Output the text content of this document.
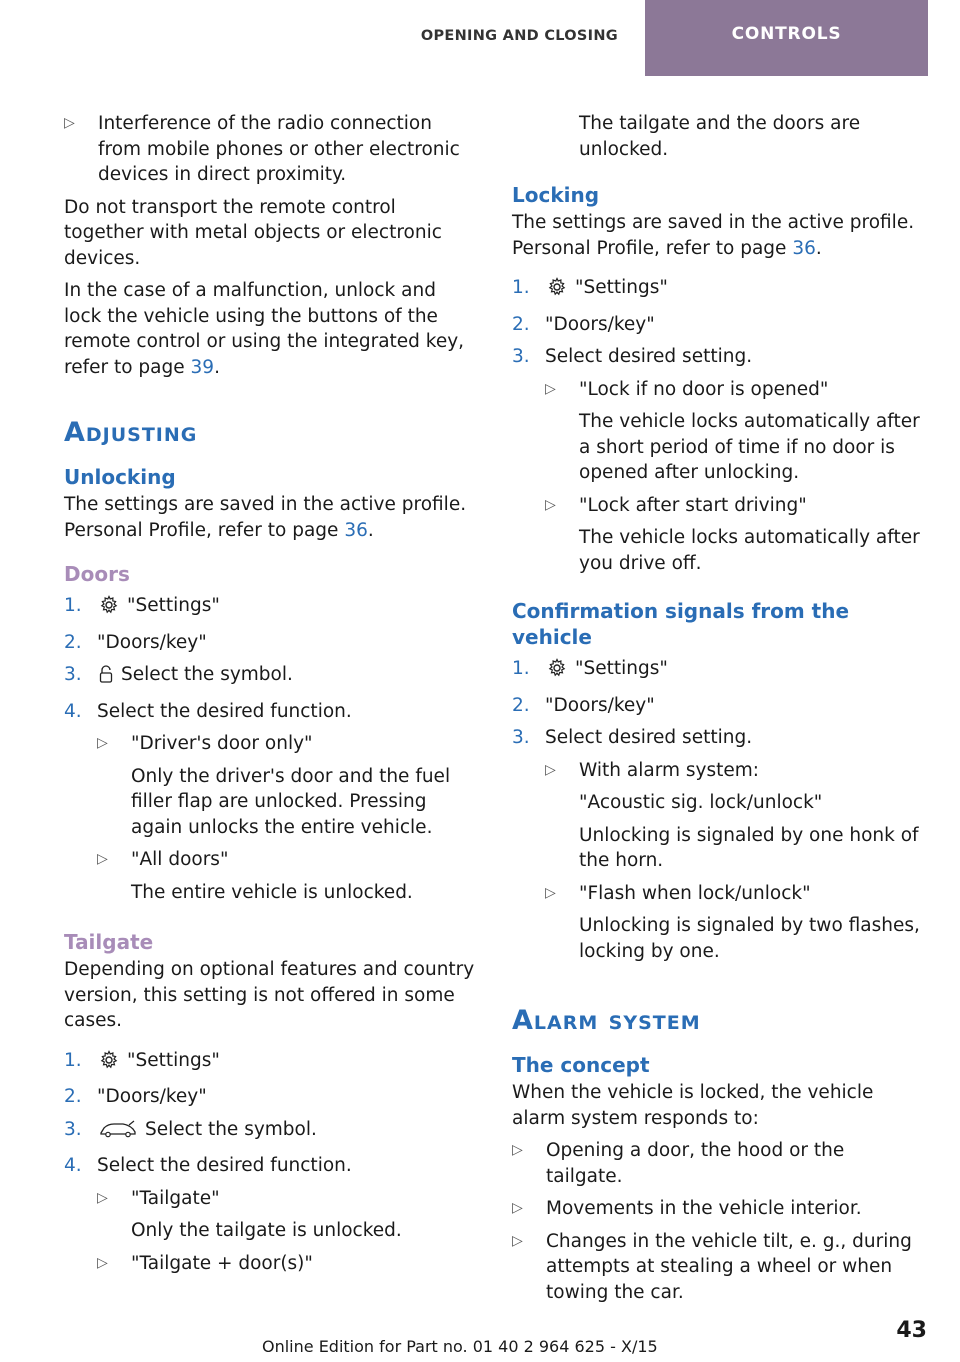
OPENING AND CLOSING	CONTROLS
▷	Interference of the radio connection from mobile phones or other electronic devices in direct proximity.

Do not transport the remote control together with metal objects or electronic devices.

In the case of a malfunction, unlock and lock the vehicle using the buttons of the remote control or using the integrated key, refer to page 39.

Adjusting
Unlocking

The settings are saved in the active profile. Personal Profile, refer to page 36.

Doors
1.	"Settings"
2. "Doors/key"
3.	Select the symbol.
4. Select the desired function.
▷	"Driver's door only"
Only the driver's door and the fuel filler flap are unlocked. Pressing again unlocks the entire vehicle.
▷	"All doors"
The entire vehicle is unlocked.
Tailgate

Depending on optional features and country version, this setting is not offered in some cases.

1.	"Settings"
2. "Doors/key"
3.	Select the symbol.
4. Select the desired function.
▷	"Tailgate"
Only the tailgate is unlocked.
▷	"Tailgate + door(s)"
The tailgate and the doors are unlocked.
Locking

The settings are saved in the active profile. Personal Profile, refer to page 36.

1.	"Settings"
2. "Doors/key"
3. Select desired setting.
▷	"Lock if no door is opened"
The vehicle locks automatically after a short period of time if no door is opened after unlocking.
▷	"Lock after start driving"
The vehicle locks automatically after you drive off.
Confirmation signals from the vehicle
1.	"Settings"
2. "Doors/key"
3. Select desired setting.
▷	With alarm system:
"Acoustic sig. lock/unlock"
Unlocking is signaled by one honk of the horn.
▷	"Flash when lock/unlock"
Unlocking is signaled by two flashes, locking by one.
Alarm system
The concept

When the vehicle is locked, the vehicle alarm system responds to:

▷	Opening a door, the hood or the tailgate.
▷	Movements in the vehicle interior.
▷	Changes in the vehicle tilt, e. g., during attempts at stealing a wheel or when towing the car.
Online Edition for Part no. 01 40 2 964 625 - X/15
43
